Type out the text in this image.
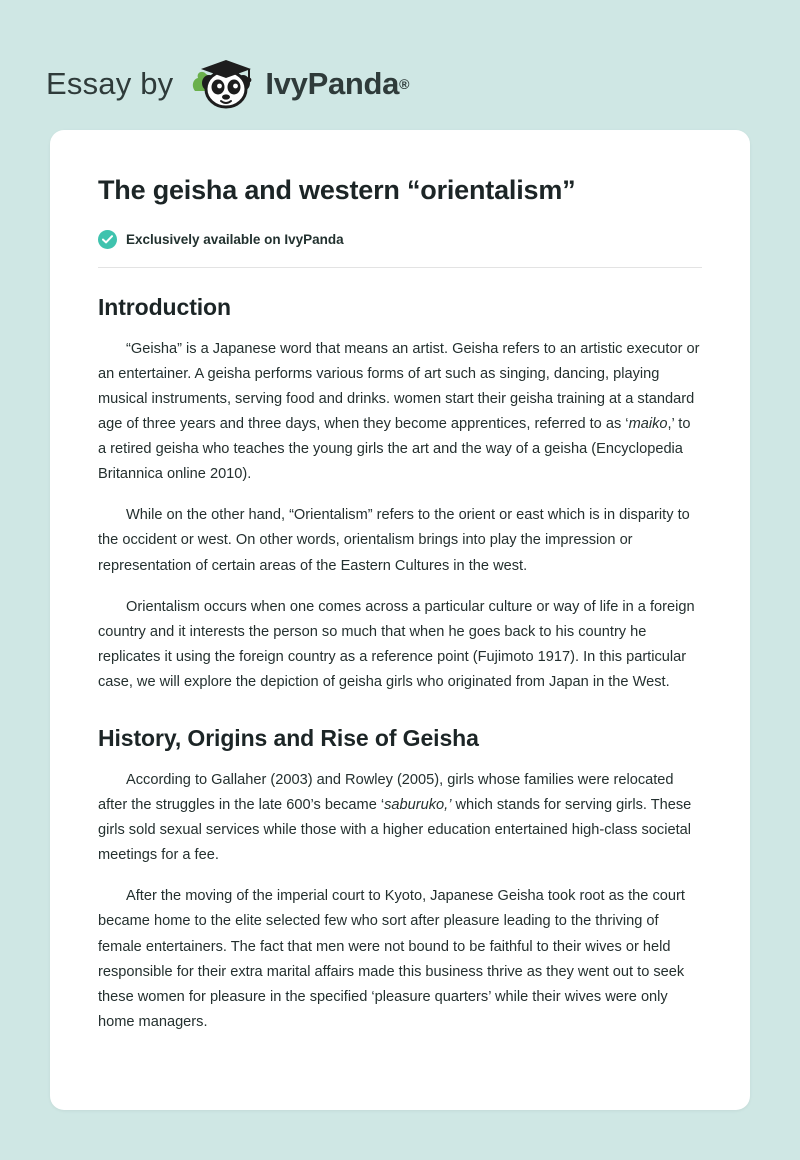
Essay by	IvyPanda ®
The geisha and western “orientalism”
Exclusively available on IvyPanda
Introduction

“Geisha” is a Japanese word that means an artist. Geisha refers to an artistic executor or an entertainer. A geisha performs various forms of art such as singing, dancing, playing musical instruments, serving food and drinks. women start their geisha training at a standard age of three years and three days, when they become apprentices, referred to as ‘maiko,’ to a retired geisha who teaches the young girls the art and the way of a geisha (Encyclopedia Britannica online 2010).

While on the other hand, “Orientalism” refers to the orient or east which is in disparity to the occident or west. On other words, orientalism brings into play the impression or representation of certain areas of the Eastern Cultures in the west.

Orientalism occurs when one comes across a particular culture or way of life in a foreign country and it interests the person so much that when he goes back to his country he replicates it using the foreign country as a reference point (Fujimoto 1917). In this particular case, we will explore the depiction of geisha girls who originated from Japan in the West.

History, Origins and Rise of Geisha

According to Gallaher (2003) and Rowley (2005), girls whose families were relocated after the struggles in the late 600’s became ‘saburuko,’ which stands for serving girls. These girls sold sexual services while those with a higher education entertained high-class societal meetings for a fee.

After the moving of the imperial court to Kyoto, Japanese Geisha took root as the court became home to the elite selected few who sort after pleasure leading to the thriving of female entertainers. The fact that men were not bound to be faithful to their wives or held responsible for their extra marital affairs made this business thrive as they went out to seek these women for pleasure in the specified ‘pleasure quarters’ while their wives were only home managers.
